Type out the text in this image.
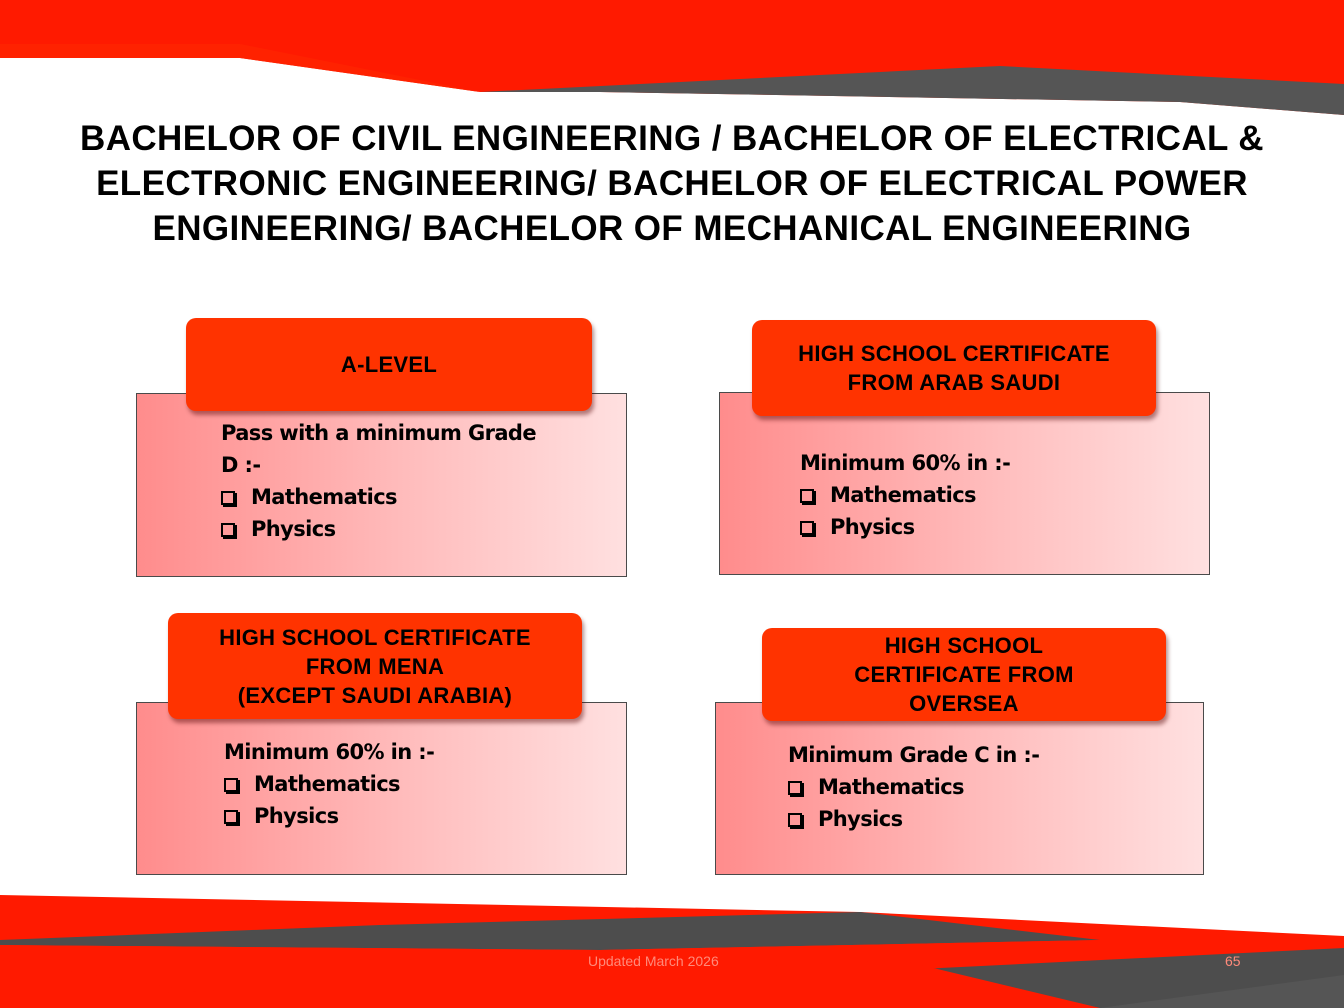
BACHELOR OF CIVIL ENGINEERING / BACHELOR OF ELECTRICAL & ELECTRONIC ENGINEERING/ BACHELOR OF ELECTRICAL POWER ENGINEERING/ BACHELOR OF MECHANICAL ENGINEERING
A-LEVEL

Pass with a minimum Grade

D :-

Mathematics
Physics
HIGH SCHOOL CERTIFICATE
FROM ARAB SAUDI

Minimum 60% in :-

Mathematics
Physics
HIGH SCHOOL CERTIFICATE
FROM MENA
(EXCEPT SAUDI ARABIA)

Minimum 60% in :-

Mathematics
Physics
HIGH SCHOOL
CERTIFICATE FROM
OVERSEA

Minimum Grade C in :-

Mathematics
Physics
Updated March 2026	65
